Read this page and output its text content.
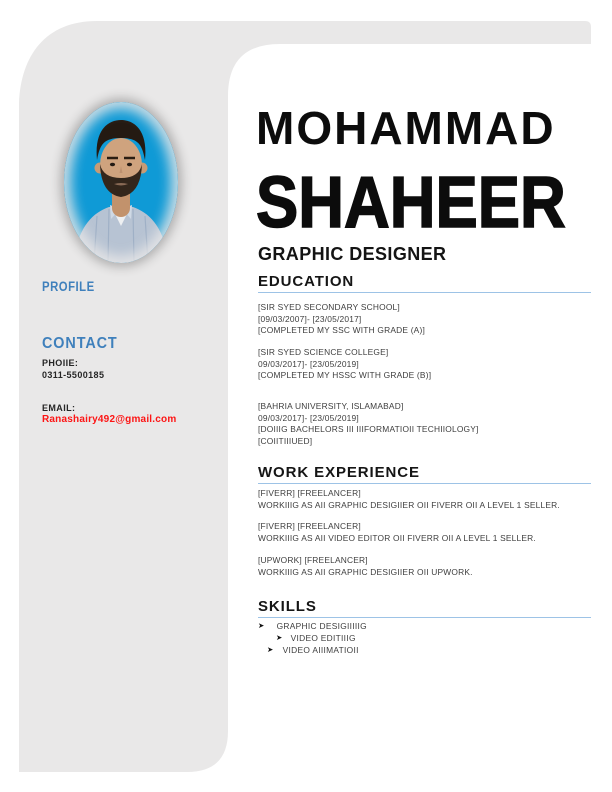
PROFILE
CONTACT
PHOIIE:
0311-5500185
EMAIL:
Ranashairy492@gmail.com
MOHAMMAD
SHAHEER
GRAPHIC DESIGNER
EDUCATION
[SIR SYED SECONDARY SCHOOL]
[09/03/2007]- [23/05/2017]
[COMPLETED MY SSC WITH GRADE (A)]
[SIR SYED SCIENCE COLLEGE]
09/03/2017]- [23/05/2019]
[COMPLETED MY HSSC WITH GRADE (B)]
[BAHRIA UNIVERSITY, ISLAMABAD]
09/03/2017]- [23/05/2019]
[DOIIIG BACHELORS III IIIFORMATIOII TECHIIOLOGY]
[COIITIIIUED]
WORK EXPERIENCE
[FIVERR] [FREELANCER]
WORKIIIG AS AII GRAPHIC DESIGIIER OII FIVERR OII A LEVEL 1 SELLER.
[FIVERR] [FREELANCER]
WORKIIIG AS AII VIDEO EDITOR OII FIVERR OII A LEVEL 1 SELLER.
[UPWORK] [FREELANCER]
WORKIIIG AS AII GRAPHIC DESIGIIER OII UPWORK.
SKILLS
➤ GRAPHIC DESIGIIIIIG
➤ VIDEO EDITIIIG
➤ VIDEO AIIIMATIOII
